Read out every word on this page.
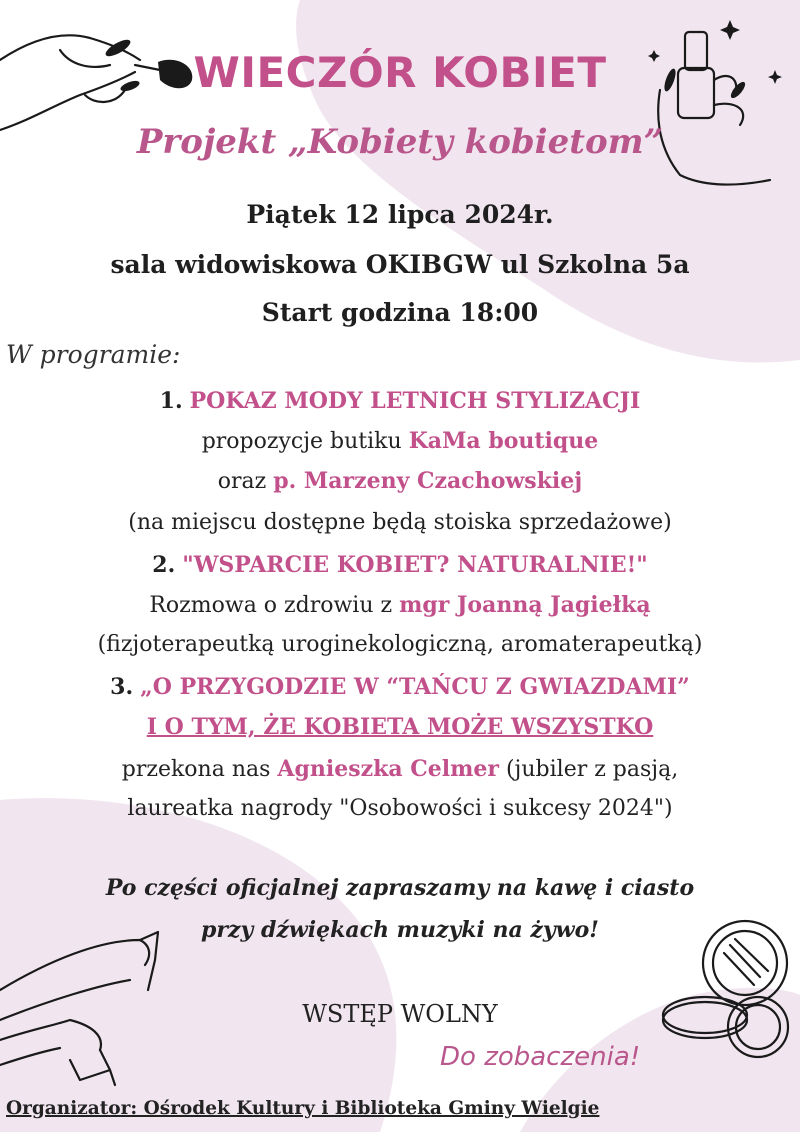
WIECZÓR KOBIET
Projekt „Kobiety kobietom”
Piątek 12 lipca 2024r.
sala widowiskowa OKIBGW ul Szkolna 5a
Start godzina 18:00
W programie:
1. POKAZ MODY LETNICH STYLIZACJI
propozycje butiku KaMa boutique
oraz p. Marzeny Czachowskiej
(na miejscu dostępne będą stoiska sprzedażowe)
2. "WSPARCIE KOBIET? NATURALNIE!"
Rozmowa o zdrowiu z mgr Joanną Jagiełką
(fizjoterapeutką uroginekologiczną, aromaterapeutką)
3. „O PRZYGODZIE W “TAŃCU Z GWIAZDAMI”
I O TYM, ŻE KOBIETA MOŻE WSZYSTKO
przekona nas Agnieszka Celmer (jubiler z pasją,
laureatka nagrody "Osobowości i sukcesy 2024")
Po części oficjalnej zapraszamy na kawę i ciasto
przy dźwiękach muzyki na żywo!
WSTĘP WOLNY
Do zobaczenia!
Organizator: Ośrodek Kultury i Biblioteka Gminy Wielgie
